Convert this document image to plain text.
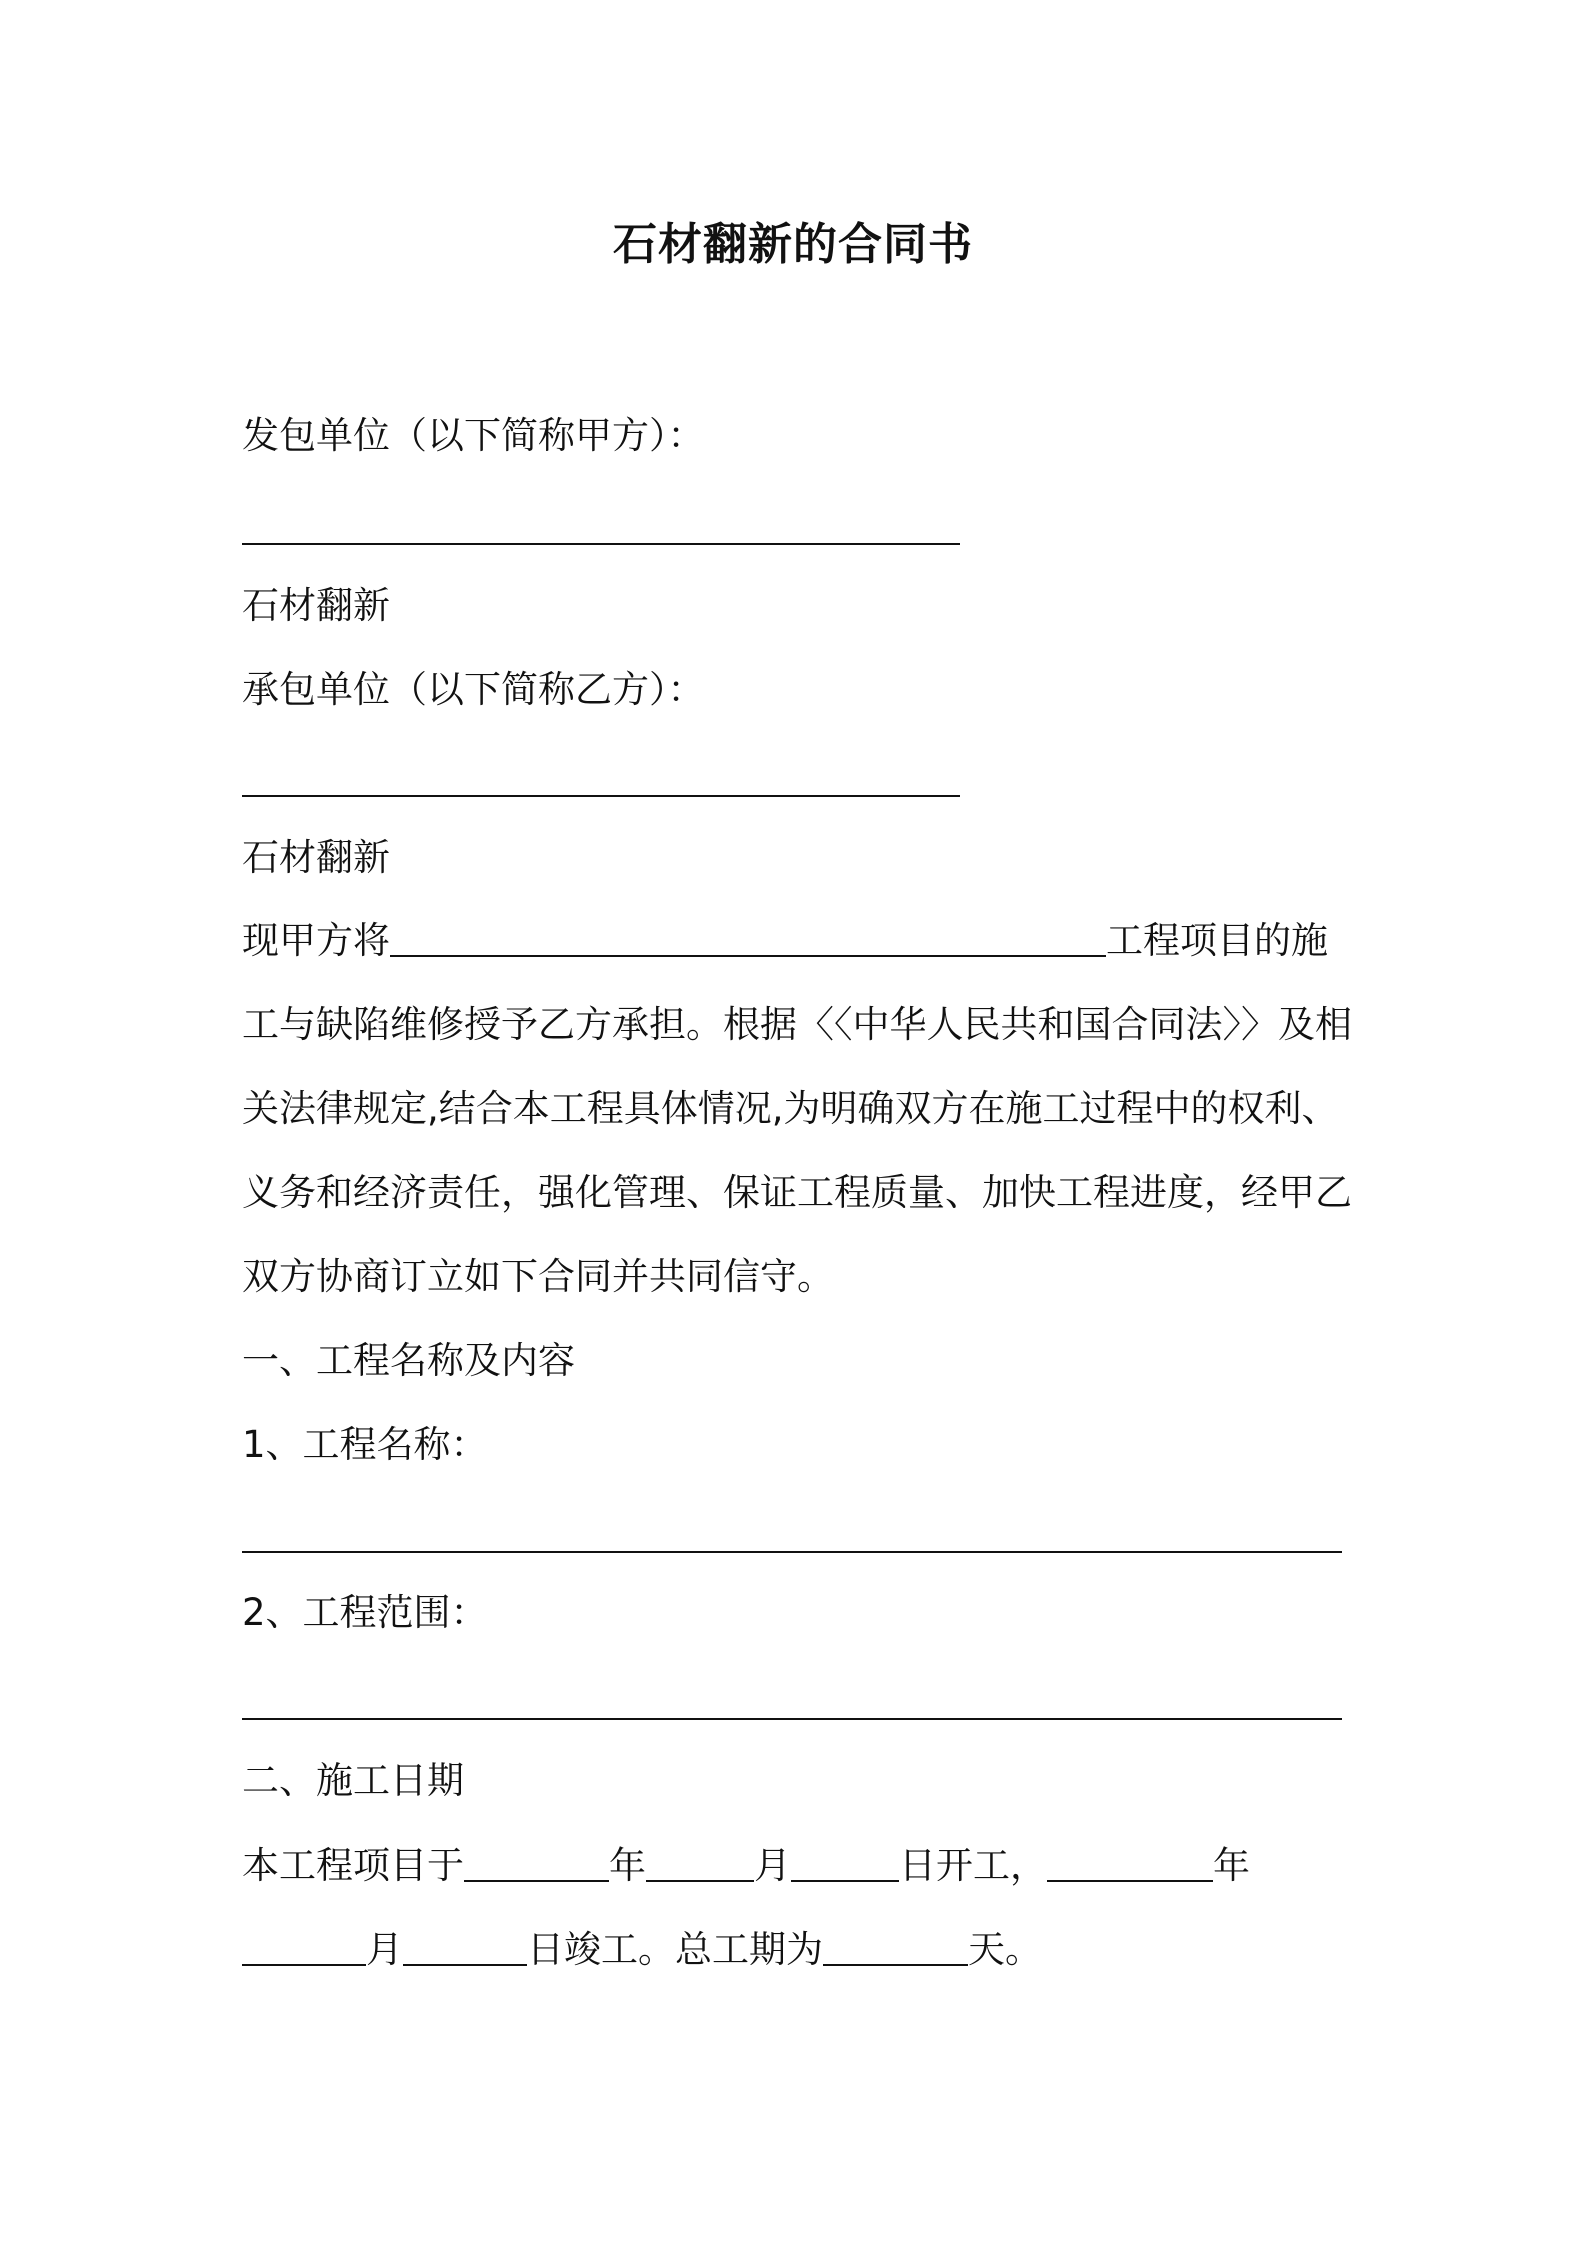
石材翻新的合同书

发包单位（以下简称甲方）：

石材翻新

承包单位（以下简称乙方）：

石材翻新

现甲方将	工程项目的施

工与缺陷维修授予乙方承担。根据〈〈中华人民共和国合同法〉〉及相

关法律规定,结合本工程具体情况,为明确双方在施工过程中的权利、

义务和经济责任，强化管理、保证工程质量、加快工程进度，经甲乙

双方协商订立如下合同并共同信守。

一、工程名称及内容

1、工程名称：

2、工程范围：

二、施工日期

本工程项目于	年	月	日开工，	年

月	日竣工。总工期为	天。
